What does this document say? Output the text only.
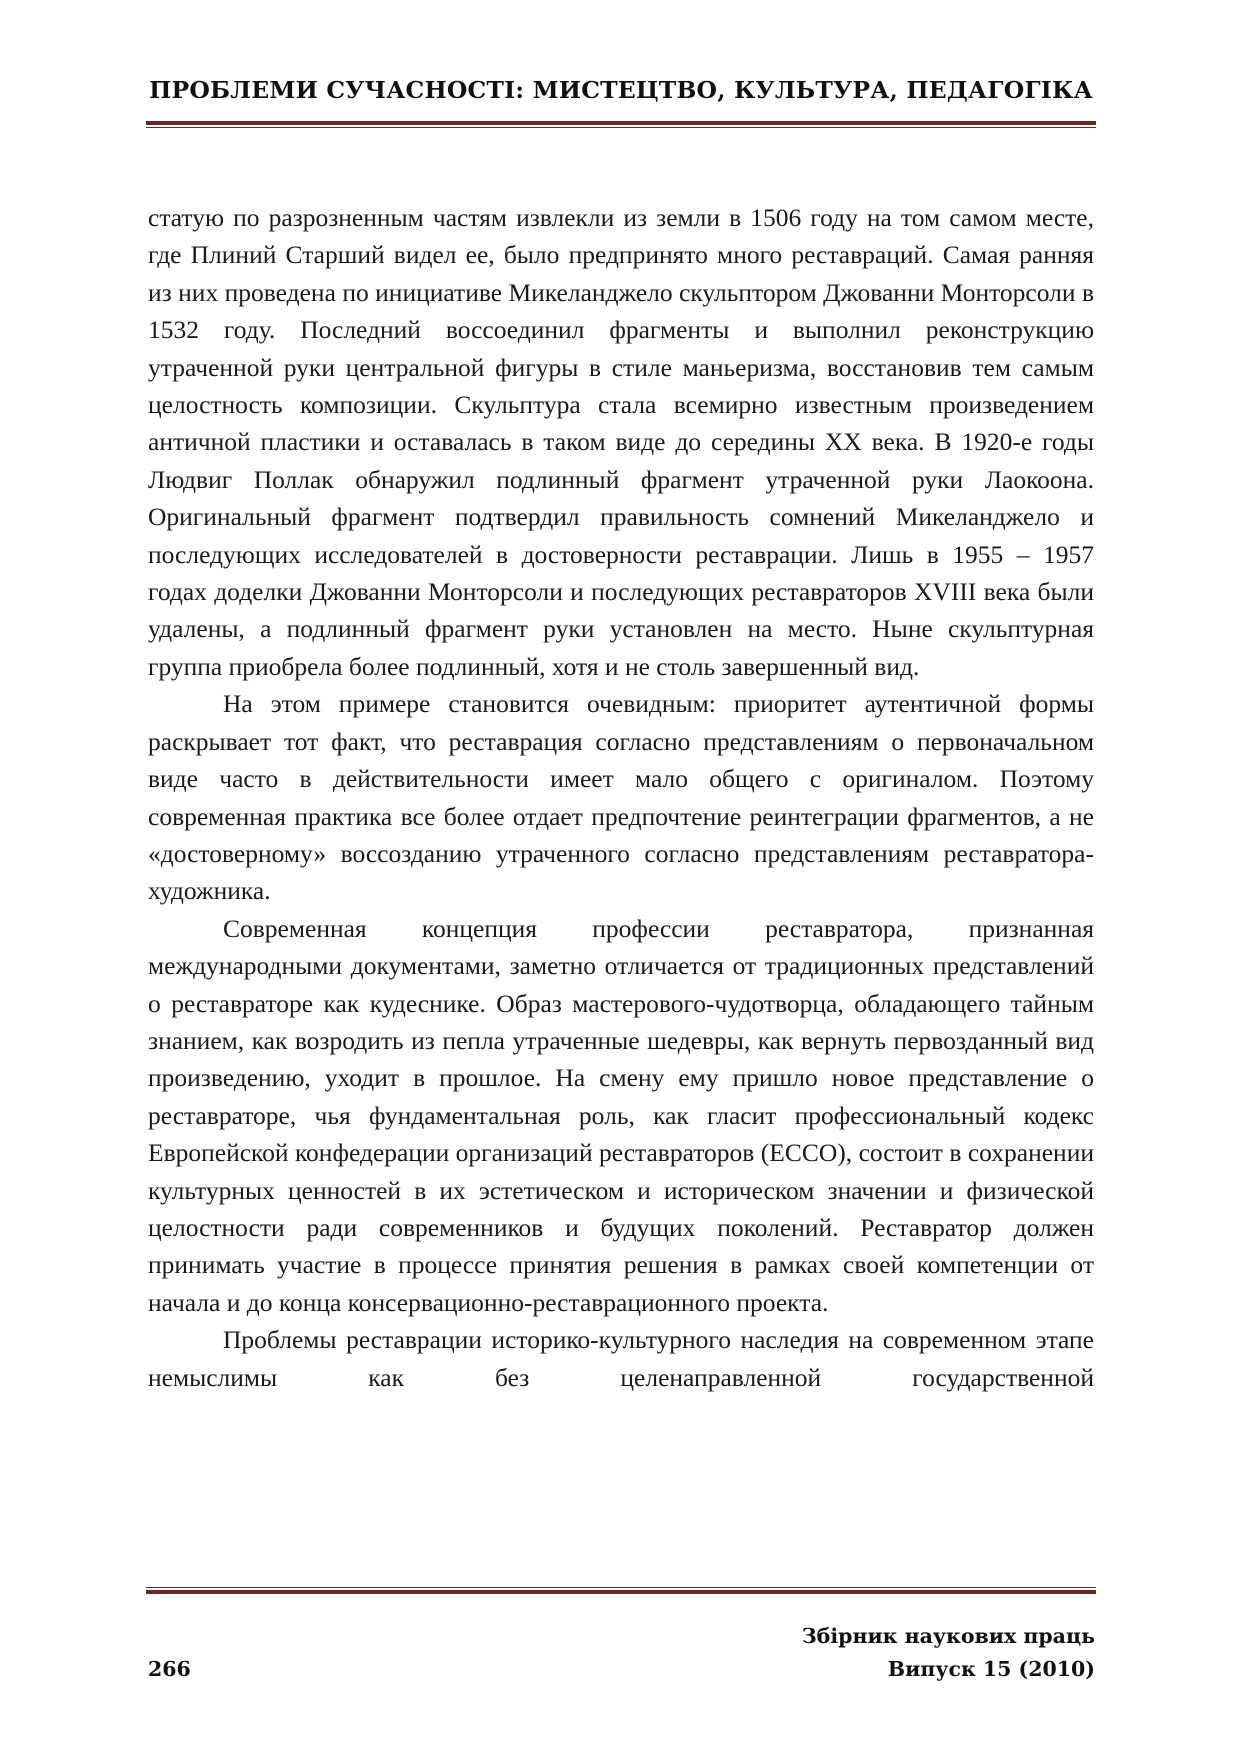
ПРОБЛЕМИ СУЧАСНОСТІ: МИСТЕЦТВО, КУЛЬТУРА, ПЕДАГОГІКА

статую по разрозненным частям извлекли из земли в 1506 году на том самом месте, где Плиний Старший видел ее, было предпринято много реставраций. Самая ранняя из них проведена по инициативе Микеланджело скульптором Джованни Монторсоли в 1532 году. Последний воссоединил фрагменты и выполнил реконструкцию утраченной руки центральной фигуры в стиле маньеризма, восстановив тем самым целостность композиции. Скульптура стала всемирно известным произведением античной пластики и оставалась в таком виде до середины XX века. В 1920-е годы Людвиг Поллак обнаружил подлинный фрагмент утраченной руки Лаокоона. Оригинальный фрагмент подтвердил правильность сомнений Микеланджело и последующих исследователей в достоверности реставрации. Лишь в 1955 – 1957 годах доделки Джованни Монторсоли и последующих реставраторов XVIII века были удалены, а подлинный фрагмент руки установлен на место. Ныне скульптурная группа приобрела более подлинный, хотя и не столь завершенный вид.

На этом примере становится очевидным: приоритет аутентичной формы раскрывает тот факт, что реставрация согласно представлениям о первоначальном виде часто в действительности имеет мало общего с оригиналом. Поэтому современная практика все более отдает предпочтение реинтеграции фрагментов, а не «достоверному» воссозданию утраченного согласно представлениям реставратора-художника.

Современная концепция профессии реставратора, признанная международными документами, заметно отличается от традиционных представлений о реставраторе как кудеснике. Образ мастерового-чудотворца, обладающего тайным знанием, как возродить из пепла утраченные шедевры, как вернуть первозданный вид произведению, уходит в прошлое. На смену ему пришло новое представление о реставраторе, чья фундаментальная роль, как гласит профессиональный кодекс Европейской конфедерации организаций реставраторов (ЕССО), состоит в сохранении культурных ценностей в их эстетическом и историческом значении и физической целостности ради современников и будущих поколений. Реставратор должен принимать участие в процессе принятия решения в рамках своей компетенции от начала и до конца консервационно-реставрационного проекта.

Проблемы реставрации историко-культурного наследия на современном этапе немыслимы как без целенаправленной государственной

Збірник наукових праць
Випуск 15 (2010)
266
